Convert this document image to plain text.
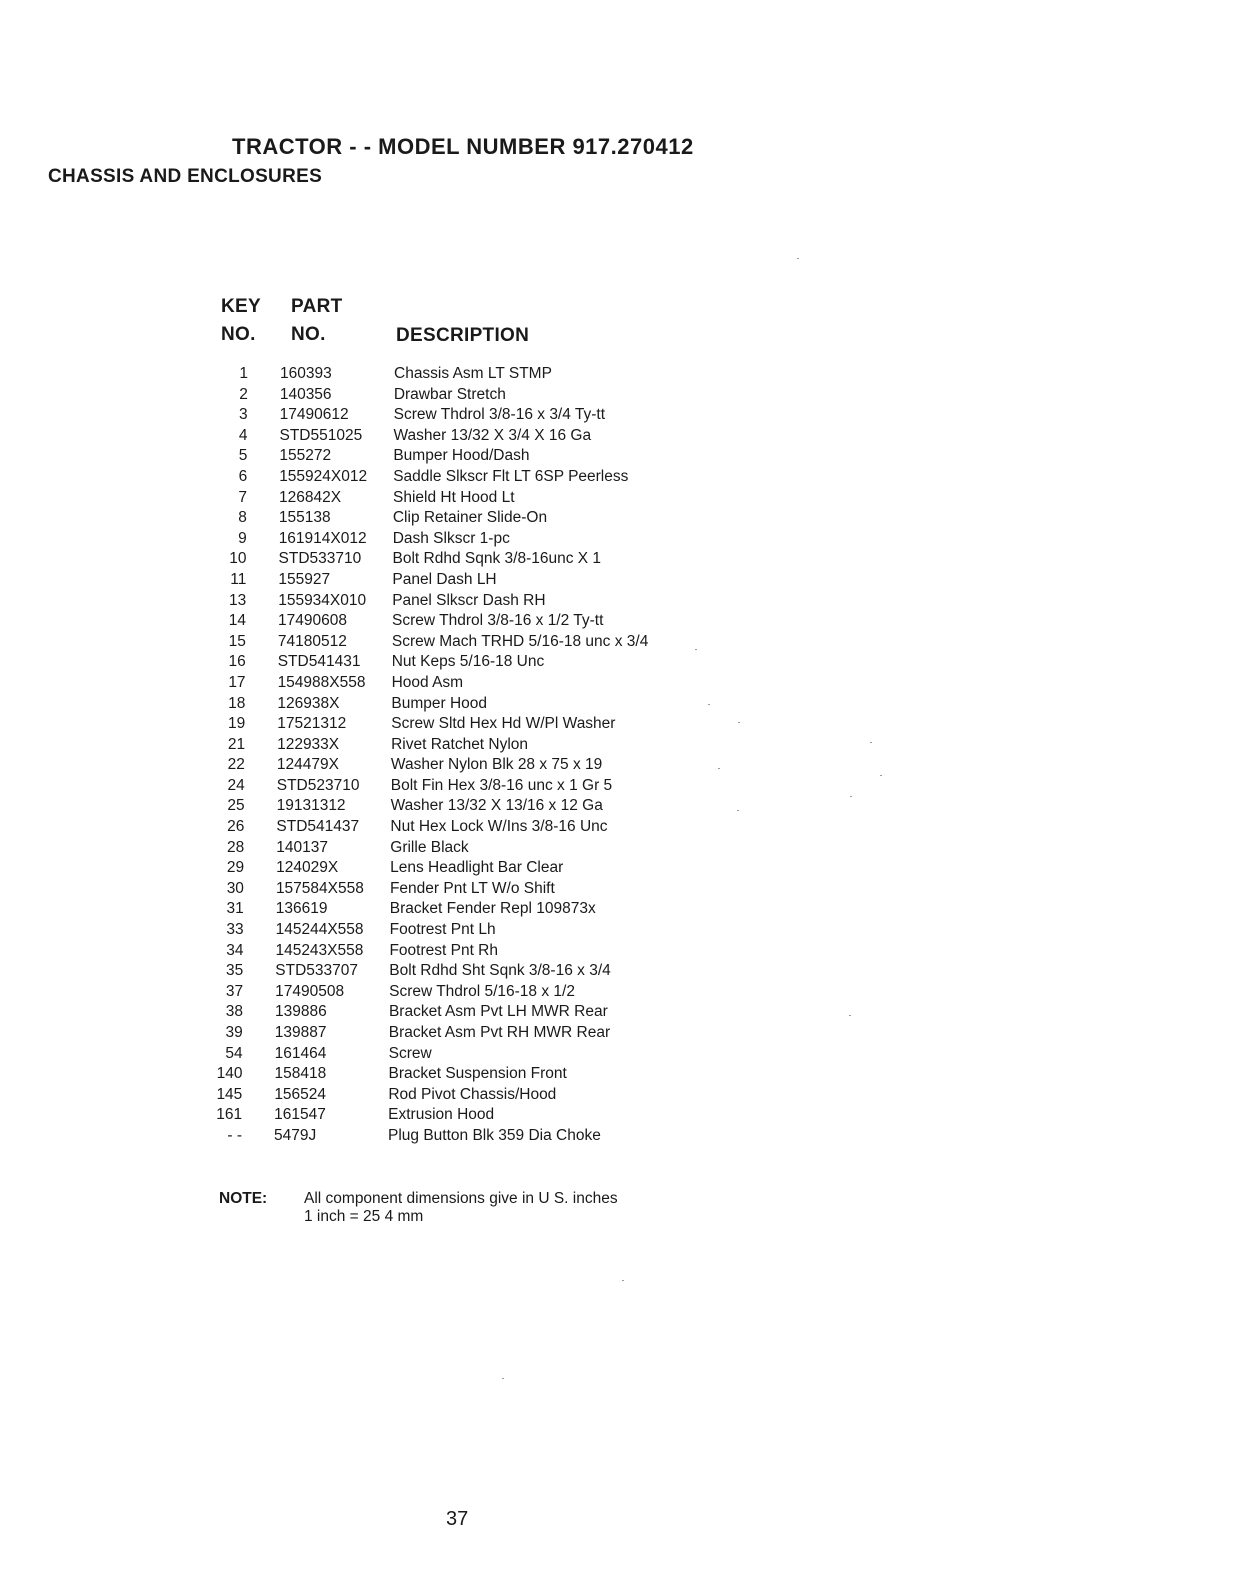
TRACTOR - - MODEL NUMBER 917.270412
CHASSIS AND ENCLOSURES
KEY
NO.
PART
NO.	DESCRIPTION
1 160393	Chassis Asm LT STMP
2 140356	Drawbar Stretch
3 17490612	Screw Thdrol 3/8-16 x 3/4 Ty-tt
4 STD551025 Washer 13/32 X 3/4 X 16 Ga
5 155272	Bumper Hood/Dash
6 155924X012 Saddle Slkscr Flt LT 6SP Peerless
7 126842X	Shield Ht Hood Lt
8 155138	Clip Retainer Slide-On
9 161914X012 Dash Slkscr 1-pc
10 STD533710 Bolt Rdhd Sqnk 3/8-16unc X 1
11 155927	Panel Dash LH
13 155934X010 Panel Slkscr Dash RH
14 17490608	Screw Thdrol 3/8-16 x 1/2 Ty-tt
15 74180512	Screw Mach TRHD 5/16-18 unc x 3/4
16 STD541431 Nut Keps 5/16-18 Unc
17 154988X558 Hood Asm
18 126938X	Bumper Hood
19 17521312	Screw Sltd Hex Hd W/Pl Washer
21 122933X	Rivet Ratchet Nylon
22 124479X	Washer Nylon Blk 28 x 75 x 19
24 STD523710 Bolt Fin Hex 3/8-16 unc x 1 Gr 5
25 19131312	Washer 13/32 X 13/16 x 12 Ga
26 STD541437 Nut Hex Lock W/Ins 3/8-16 Unc
28 140137	Grille Black
29 124029X	Lens Headlight Bar Clear
30 157584X558 Fender Pnt LT W/o Shift
31 136619	Bracket Fender Repl 109873x
33 145244X558 Footrest Pnt Lh
34 145243X558 Footrest Pnt Rh
35 STD533707 Bolt Rdhd Sht Sqnk 3/8-16 x 3/4
37 17490508	Screw Thdrol 5/16-18 x 1/2
38 139886	Bracket Asm Pvt LH MWR Rear
39 139887	Bracket Asm Pvt RH MWR Rear
54 161464	Screw
140 158418	Bracket Suspension Front
145 156524	Rod Pivot Chassis/Hood
161 161547	Extrusion Hood
- - 5479J	Plug Button Blk 359 Dia Choke
NOTE: All component dimensions give in U S. inches
1 inch = 25 4 mm
37
